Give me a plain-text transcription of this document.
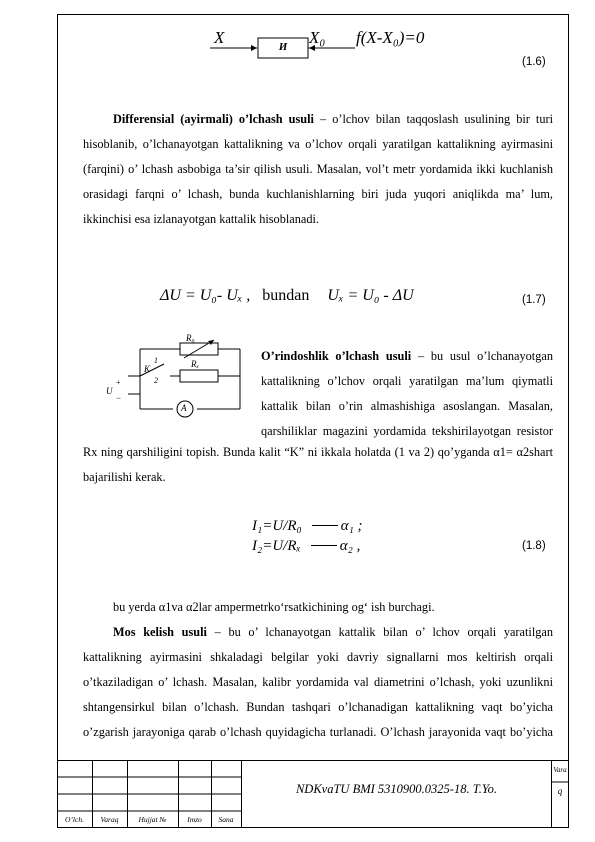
X	И	X₀ f(X-X₀)=0
(1.6)
Differensial (ayirmali) o’lchash usuli – o’lchov bilan taqqoslash usulining bir turi hisoblanib, o’lchanayotgan kattalikning va o’lchov orqali yaratilgan kattalikning ayirmasini (farqini) o’ lchash asbobiga ta’sir qilish usuli. Masalan, vol’t metr yordamida ikki kuchlanish orasidagi farqni o’ lchash, bunda kuchlanishlarning biri juda yuqori aniqlikda ma’ lum, ikkinchisi esa izlanayotgan kattalik hisoblanadi.
ΔU = U₀- Uₓ , bundan Uₓ = U₀ - ΔU	(1.7)
R₀
Rₓ
K
1
2
U
+
−
A
O’rindoshlik o’lchash usuli – bu usul o’lchanayotgan kattalikning o’lchov orqali yaratilgan ma’lum qiymatli kattalik bilan o’rin almashishiga asoslangan. Masalan, qarshiliklar magazini yordamida tekshirilayotgan resistor
Rx ning qarshiligini topish. Bunda kalit “K” ni ikkala holatda (1 va 2) qo’yganda α1= α2shart bajarilishi kerak.
I₁=U/R₀	α₁ ;
I₂=U/Rₓ	α₂ ,	(1.8)
bu yerda α1va α2lar ampermetrko‘rsatkichining og‘ ish burchagi.
Mos kelish usuli – bu o’ lchanayotgan kattalik bilan o’ lchov orqali yaratilgan kattalikning ayirmasini shkaladagi belgilar yoki davriy signallarni mos keltirish orqali o’tkaziladigan o’ lchash. Masalan, kalibr yordamida val diametrini o’lchash, yoki uzunlikni shtangensirkul bilan o’lchash. Bundan tashqari o’lchanadigan kattalikning vaqt bo’yicha o’zgarish jarayoniga qarab o’lchash quyidagicha turlanadi. O’lchash jarayonida vaqt bo’yicha
NDKvaTU BMI 5310900.0325-18. T.Yo.
Vara
q
O’lch.	Varaq	Hujjat №	Imzo	Sana
